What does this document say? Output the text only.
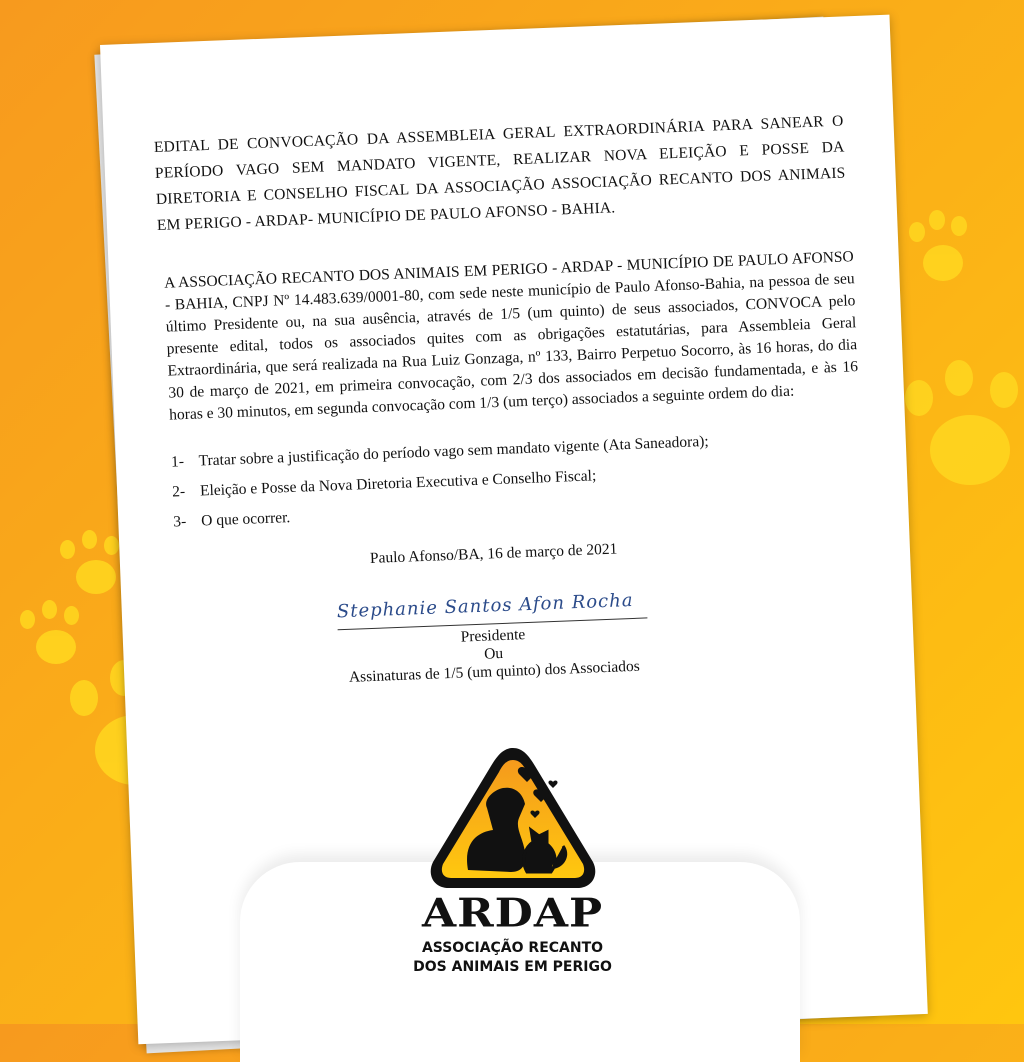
EDITAL DE CONVOCAÇÃO DA ASSEMBLEIA GERAL EXTRAORDINÁRIA PARA SANEAR O PERÍODO VAGO SEM MANDATO VIGENTE, REALIZAR NOVA ELEIÇÃO E POSSE DA DIRETORIA E CONSELHO FISCAL DA ASSOCIAÇÃO ASSOCIAÇÃO RECANTO DOS ANIMAIS EM PERIGO - ARDAP- MUNICÍPIO DE PAULO AFONSO - BAHIA.
A ASSOCIAÇÃO RECANTO DOS ANIMAIS EM PERIGO - ARDAP - MUNICÍPIO DE PAULO AFONSO - BAHIA, CNPJ Nº 14.483.639/0001-80, com sede neste município de Paulo Afonso-Bahia, na pessoa de seu último Presidente ou, na sua ausência, através de 1/5 (um quinto) de seus associados, CONVOCA pelo presente edital, todos os associados quites com as obrigações estatutárias, para Assembleia Geral Extraordinária, que será realizada na Rua Luiz Gonzaga, nº 133, Bairro Perpetuo Socorro, às 16 horas, do dia 30 de março de 2021, em primeira convocação, com 2/3 dos associados em decisão fundamentada, e às 16 horas e 30 minutos, em segunda convocação com 1/3 (um terço) associados a seguinte ordem do dia:
1- Tratar sobre a justificação do período vago sem mandato vigente (Ata Saneadora);
2- Eleição e Posse da Nova Diretoria Executiva e Conselho Fiscal;
3- O que ocorrer.
Paulo Afonso/BA, 16 de março de 2021
Stephanie Santos Afon Rocha
Presidente
Ou
Assinaturas de 1/5 (um quinto) dos Associados
ARDAP
ASSOCIAÇÃO RECANTO
DOS ANIMAIS EM PERIGO
